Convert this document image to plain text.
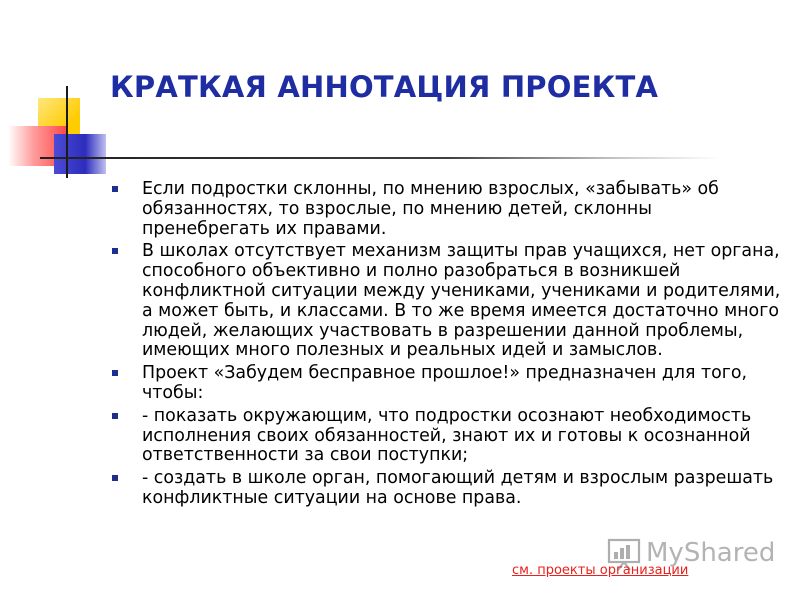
КРАТКАЯ АННОТАЦИЯ ПРОЕКТА
Если подростки склонны, по мнению взрослых, «забывать» об обязанностях, то взрослые, по мнению детей, склонны пренебрегать их правами.
В школах отсутствует механизм защиты прав учащихся, нет органа, способного объективно и полно разобраться в возникшей конфликтной ситуации между учениками, учениками и родителями, а может быть, и классами. В то же время имеется достаточно много людей, желающих участвовать в разрешении данной проблемы, имеющих много полезных и реальных идей и замыслов.
Проект «Забудем бесправное прошлое!» предназначен для того, чтобы:
- показать окружающим, что подростки осознают необходимость исполнения своих обязанностей, знают их и готовы к осознанной ответственности за свои поступки;
- создать в школе орган, помогающий детям и взрослым разрешать конфликтные ситуации на основе права.
MyShared
см. проекты организации
